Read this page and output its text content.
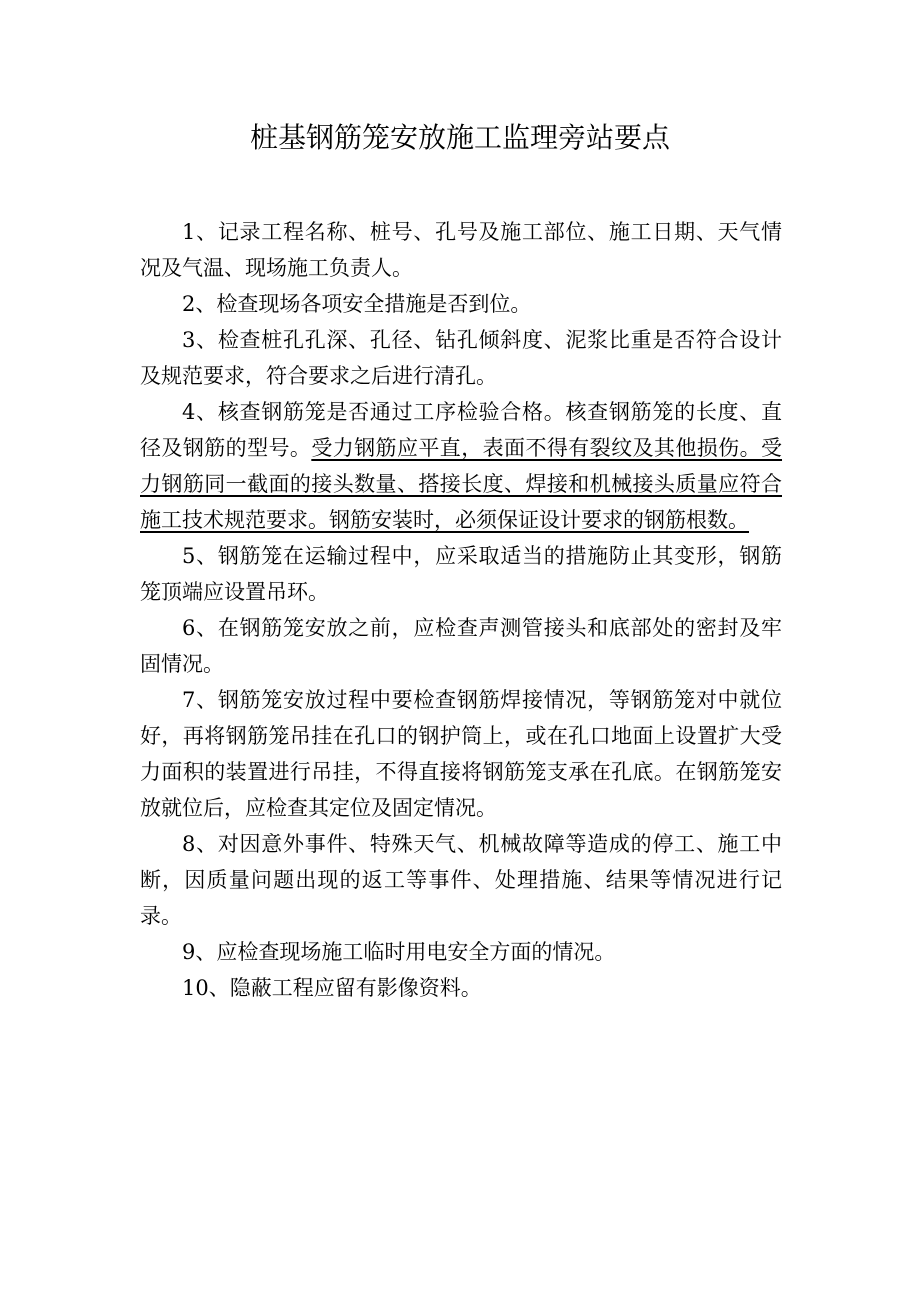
桩基钢筋笼安放施工监理旁站要点

1、记录工程名称、桩号、孔号及施工部位、施工日期、天气情况及气温、现场施工负责人。

2、检查现场各项安全措施是否到位。

3、检查桩孔孔深、孔径、钻孔倾斜度、泥浆比重是否符合设计及规范要求，符合要求之后进行清孔。

4、核查钢筋笼是否通过工序检验合格。核查钢筋笼的长度、直径及钢筋的型号。受力钢筋应平直，表面不得有裂纹及其他损伤。受力钢筋同一截面的接头数量、搭接长度、焊接和机械接头质量应符合施工技术规范要求。钢筋安装时，必须保证设计要求的钢筋根数。

5、钢筋笼在运输过程中，应采取适当的措施防止其变形，钢筋笼顶端应设置吊环。

6、在钢筋笼安放之前，应检查声测管接头和底部处的密封及牢固情况。

7、钢筋笼安放过程中要检查钢筋焊接情况，等钢筋笼对中就位好，再将钢筋笼吊挂在孔口的钢护筒上，或在孔口地面上设置扩大受力面积的装置进行吊挂，不得直接将钢筋笼支承在孔底。在钢筋笼安放就位后，应检查其定位及固定情况。

8、对因意外事件、特殊天气、机械故障等造成的停工、施工中断，因质量问题出现的返工等事件、处理措施、结果等情况进行记录。

9、应检查现场施工临时用电安全方面的情况。

10、隐蔽工程应留有影像资料。
